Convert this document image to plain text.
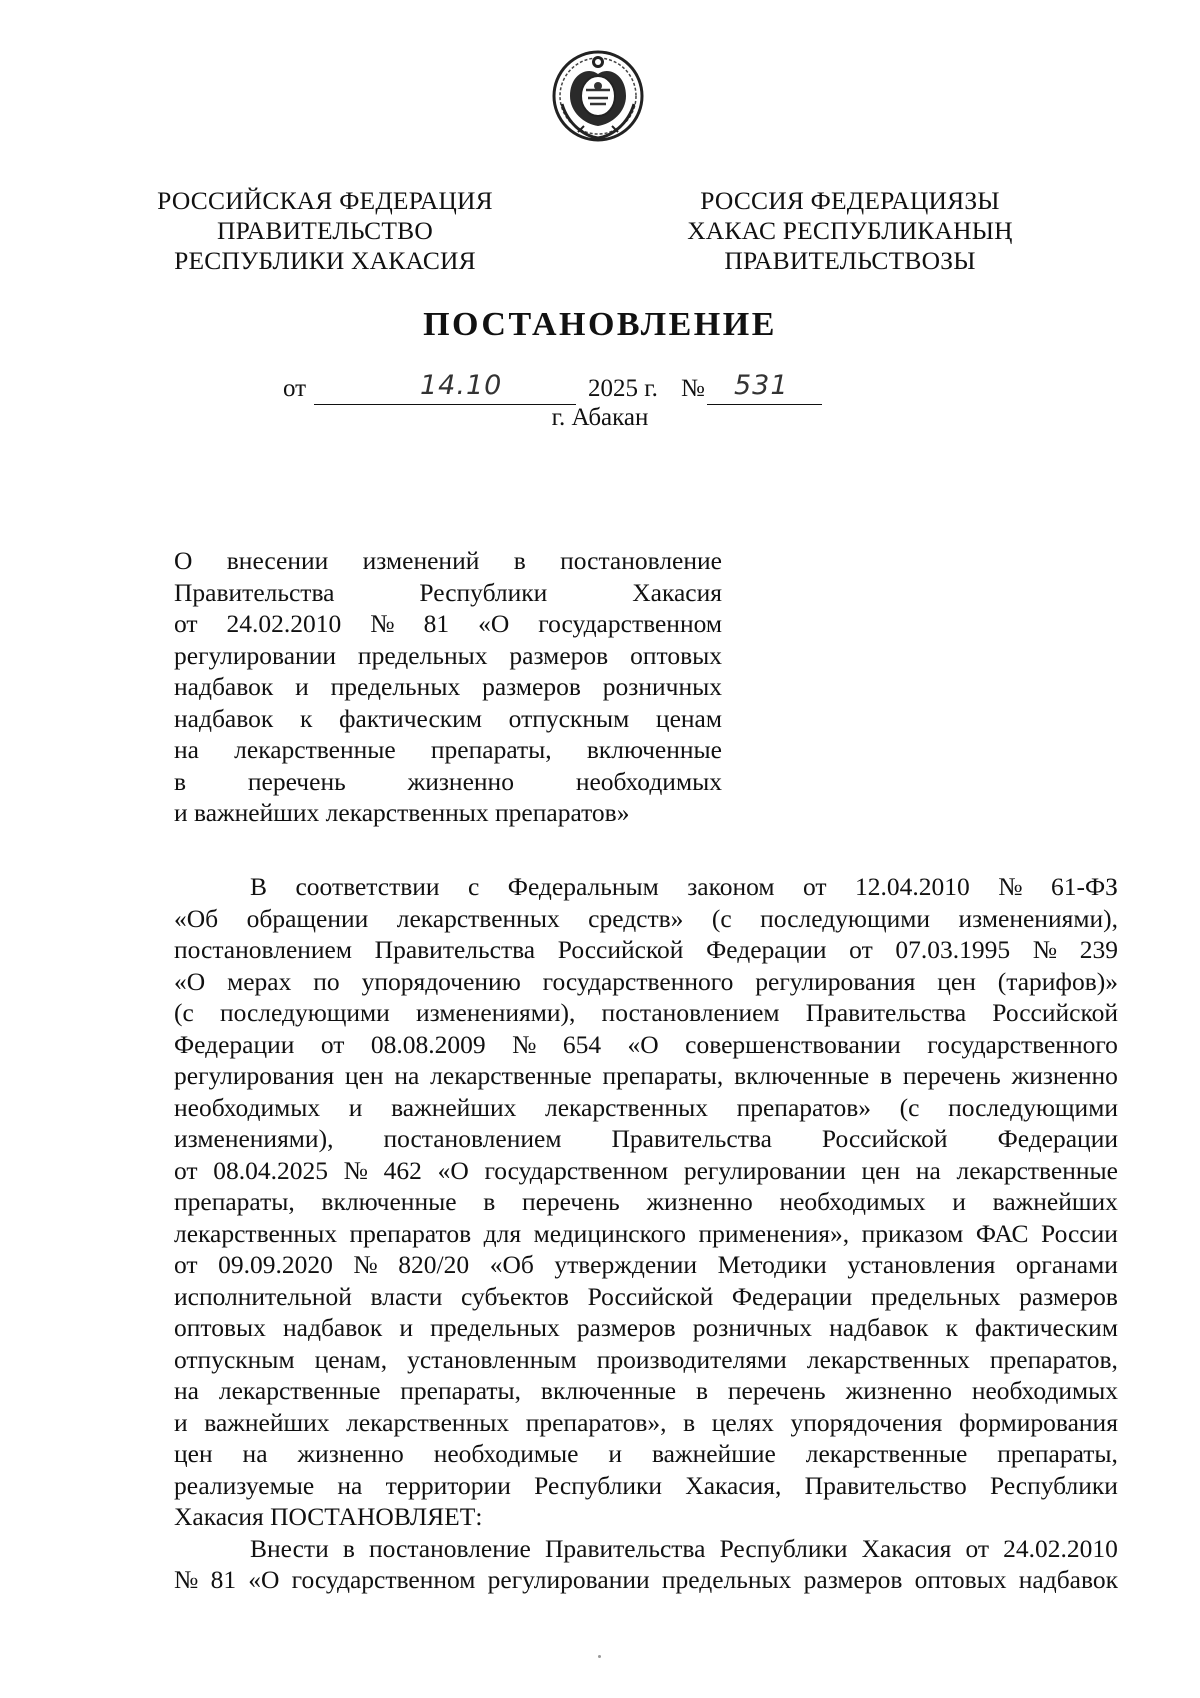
РОССИЙСКАЯ ФЕДЕРАЦИЯ
ПРАВИТЕЛЬСТВО
РЕСПУБЛИКИ ХАКАСИЯ
РОССИЯ ФЕДЕРАЦИЯЗЫ
ХАКАС РЕСПУБЛИКАНЫҢ
ПРАВИТЕЛЬСТВОЗЫ
ПОСТАНОВЛЕНИЕ
от	14.10	2025 г. № 531
г. Абакан
О внесении изменений в постановление
Правительства	Республики	Хакасия
от 24.02.2010 № 81 «О государственном
регулировании предельных размеров оптовых
надбавок и предельных размеров розничных
надбавок к фактическим отпускным ценам
на лекарственные препараты, включенные
в перечень жизненно необходимых
и важнейших лекарственных препаратов»
В соответствии с Федеральным законом от 12.04.2010 № 61-ФЗ
«Об обращении лекарственных средств» (с последующими изменениями),
постановлением Правительства Российской Федерации от 07.03.1995 № 239
«О мерах по упорядочению государственного регулирования цен (тарифов)»
(с последующими изменениями), постановлением Правительства Российской
Федерации от 08.08.2009 № 654 «О совершенствовании государственного
регулирования цен на лекарственные препараты, включенные в перечень жизненно
необходимых и важнейших лекарственных препаратов» (с последующими
изменениями), постановлением Правительства Российской Федерации
от 08.04.2025 № 462 «О государственном регулировании цен на лекарственные
препараты, включенные в перечень жизненно необходимых и важнейших
лекарственных препаратов для медицинского применения», приказом ФАС России
от 09.09.2020 № 820/20 «Об утверждении Методики установления органами
исполнительной власти субъектов Российской Федерации предельных размеров
оптовых надбавок и предельных размеров розничных надбавок к фактическим
отпускным ценам, установленным производителями лекарственных препаратов,
на лекарственные препараты, включенные в перечень жизненно необходимых
и важнейших лекарственных препаратов», в целях упорядочения формирования
цен на жизненно необходимые и важнейшие лекарственные препараты,
реализуемые на территории Республики Хакасия, Правительство Республики
Хакасия ПОСТАНОВЛЯЕТ:
Внести в постановление Правительства Республики Хакасия от 24.02.2010
№ 81 «О государственном регулировании предельных размеров оптовых надбавок
